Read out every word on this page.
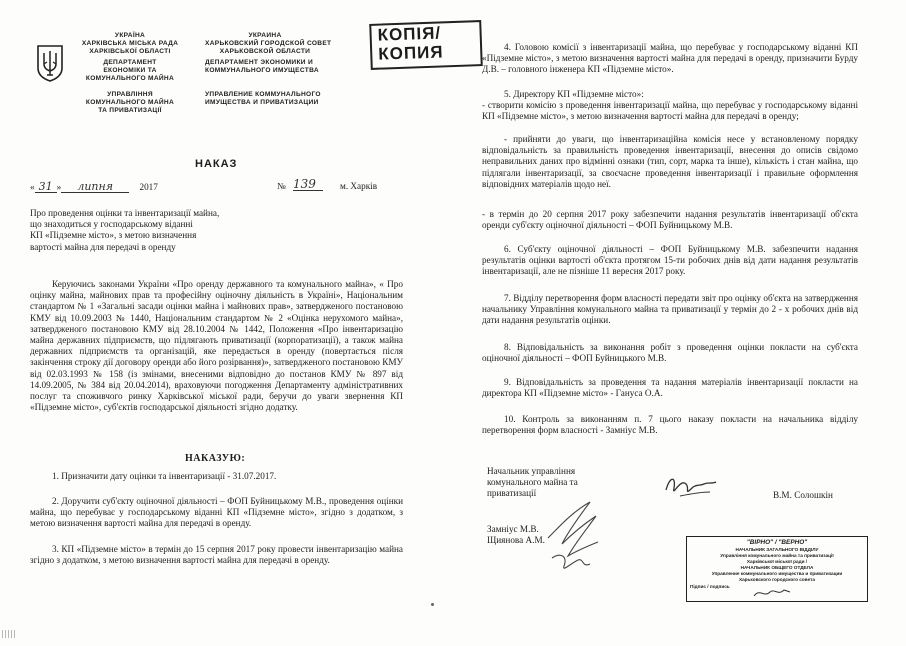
УКРАЇНА
ХАРКІВСЬКА МІСЬКА РАДА
ХАРКІВСЬКОЇ ОБЛАСТІ
ДЕПАРТАМЕНТ
ЕКОНОМІКИ ТА
КОМУНАЛЬНОГО МАЙНА
УПРАВЛІННЯ
КОМУНАЛЬНОГО МАЙНА
ТА ПРИВАТИЗАЦІЇ
УКРАИНА
ХАРЬКОВСКИЙ ГОРОДСКОЙ СОВЕТ
ХАРЬКОВСКОЙ ОБЛАСТИ
ДЕПАРТАМЕНТ ЭКОНОМИКИ И
КОММУНАЛЬНОГО ИМУЩЕСТВА
УПРАВЛЕНИЕ КОММУНАЛЬНОГО
ИМУЩЕСТВА И ПРИВАТИЗАЦИИ
КОПІЯ/
КОПИЯ
НАКАЗ
« 31 » липня	2017	№ 139	м. Харків
Про проведення оцінки та інвентаризації майна,
що знаходиться у господарському віданні
КП «Підземне місто», з метою визначення
вартості майна для передачі в оренду
Керуючись законами України «Про оренду державного та комунального майна», « Про оцінку майна, майнових прав та професійну оціночну діяльність в Україні», Національним стандартом № 1 «Загальні засади оцінки майна і майнових прав», затвердженого постановою КМУ від 10.09.2003 № 1440, Національним стандартом № 2 «Оцінка нерухомого майна», затвердженого постановою КМУ від 28.10.2004 № 1442, Положення «Про інвентаризацію майна державних підприємств, що підлягають приватизації (корпоратизації), а також майна державних підприємств та організацій, яке передається в оренду (повертається після закінчення строку дії договору оренди або його розірвання)», затвердженого постановою КМУ від 02.03.1993 № 158 (із змінами, внесеними відповідно до постанов КМУ № 897 від 14.09.2005, № 384 від 20.04.2014), враховуючи погодження Департаменту адміністративних послуг та споживчого ринку Харківської міської ради, беручи до уваги звернення КП «Підземне місто», суб'єктів господарської діяльності згідно додатку.
НАКАЗУЮ:
1. Призначити дату оцінки та інвентаризації - 31.07.2017.
2. Доручити суб'єкту оціночної діяльності – ФОП Буйницькому М.В., проведення оцінки майна, що перебуває у господарському віданні КП «Підземне місто», згідно з додатком, з метою визначення вартості майна для передачі в оренду.
3. КП «Підземне місто» в термін до 15 серпня 2017 року провести інвентаризацію майна згідно з додатком, з метою визначення вартості майна для передачі в оренду.
4. Головою комісії з інвентаризації майна, що перебуває у господарському віданні КП «Підземне місто», з метою визначення вартості майна для передачі в оренду, призначити Бурду Д.В. – головного інженера КП «Підземне місто».
5. Директору КП «Підземне місто»:
- створити комісію з проведення інвентаризації майна, що перебуває у господарському віданні КП «Підземне місто», з метою визначення вартості майна для передачі в оренду;
- прийняти до уваги, що інвентаризаційна комісія несе у встановленому порядку відповідальність за правильність проведення інвентаризації, внесення до описів свідомо неправильних даних про відмінні ознаки (тип, сорт, марка та інше), кількість і стан майна, що підлягали інвентаризації, за своєчасне проведення інвентаризації і правильне оформлення відповідних матеріалів щодо неї.
- в термін до 20 серпня 2017 року забезпечити надання результатів інвентаризації об'єкта оренди суб'єкту оціночної діяльності – ФОП Буйницькому М.В.
6. Суб'єкту оціночної діяльності – ФОП Буйницькому М.В. забезпечити надання результатів оцінки вартості об'єкта протягом 15-ти робочих днів від дати надання результатів інвентаризації, але не пізніше 11 вересня 2017 року.
7. Відділу перетворення форм власності передати звіт про оцінку об'єкта на затвердження начальнику Управління комунального майна та приватизації у термін до 2 - х робочих днів від дати надання результатів оцінки.
8. Відповідальність за виконання робіт з проведення оцінки покласти на суб'єкта оціночної діяльності – ФОП Буйницького М.В.
9. Відповідальність за проведення та надання матеріалів інвентаризації покласти на директора КП «Підземне місто» - Гануса О.А.
10. Контроль за виконанням п. 7 цього наказу покласти на начальника відділу перетворення форм власності - Замніус М.В.
Начальник управління
комунального майна та
приватизації	В.М. Солошкін
Замніус М.В.
Щиянова А.М.	"ВІРНО" / "ВЕРНО"
НАЧАЛЬНИК ЗАГАЛЬНОГО ВІДДІЛУ
Управління комунального майна та приватизації
Харківської міської ради /
НАЧАЛЬНИК ОБЩЕГО ОТДЕЛА
Управление коммунального имущества и приватизации
Харьковского городского совета
Підпис / подпись
